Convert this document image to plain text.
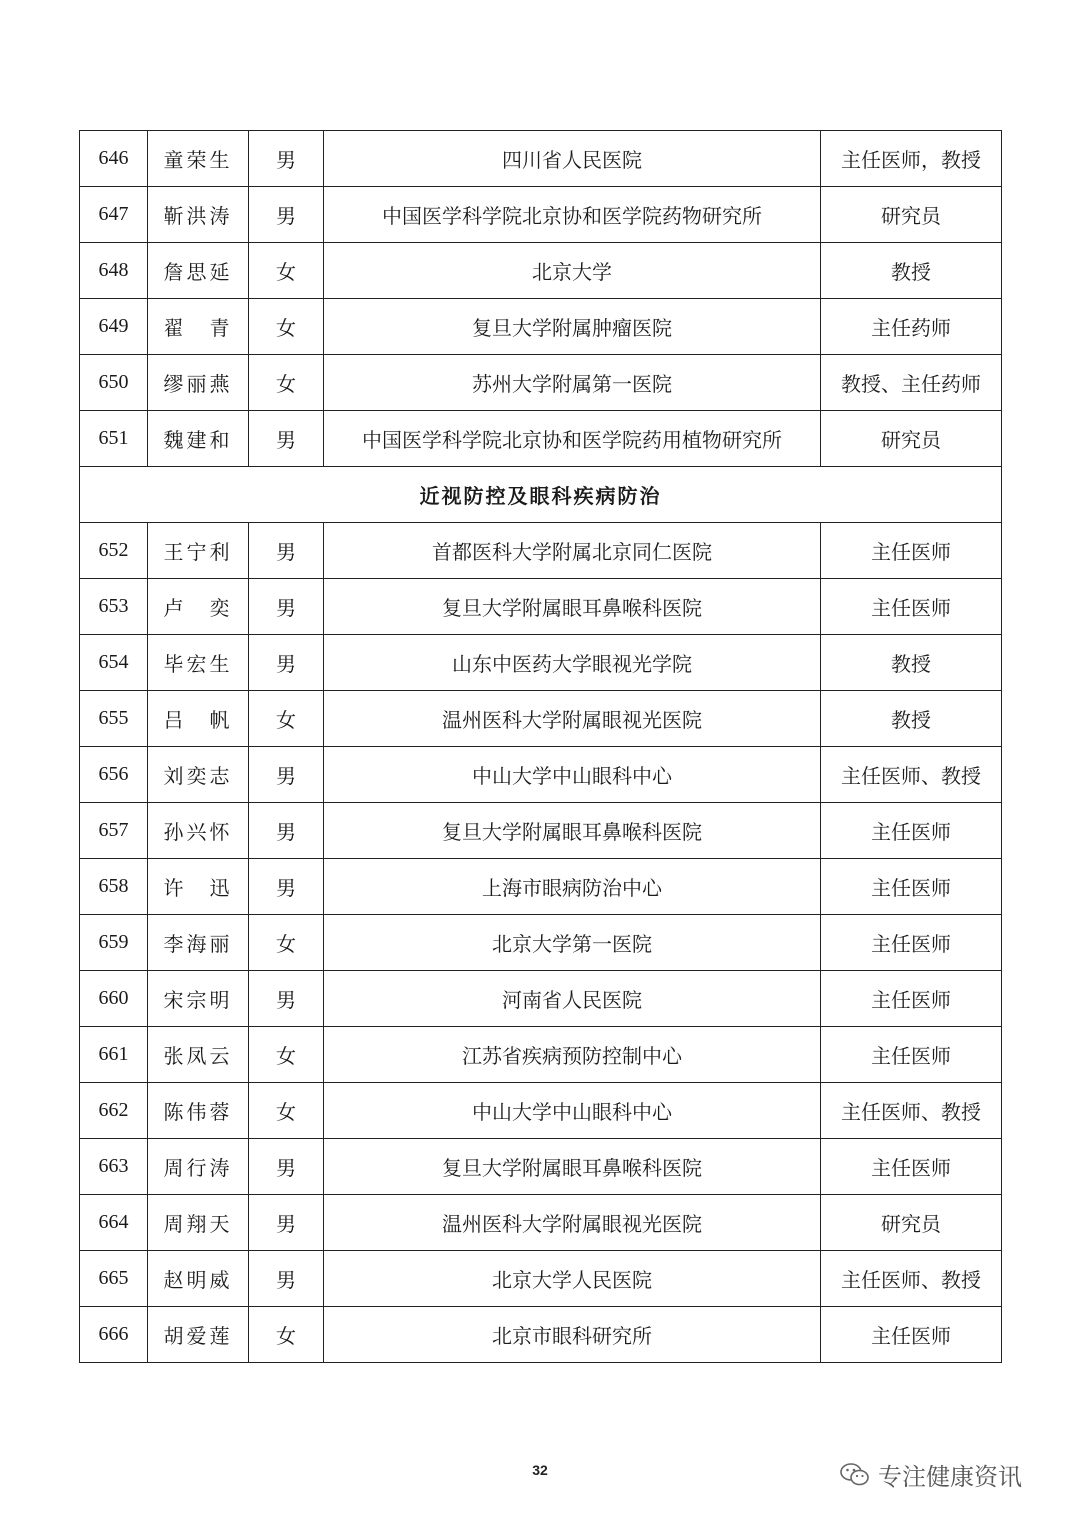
646	童荣生	男	四川省人民医院	主任医师，教授
647	靳洪涛	男	中国医学科学院北京协和医学院药物研究所	研究员
648	詹思延	女	北京大学	教授
649	翟　青	女	复旦大学附属肿瘤医院	主任药师
650	缪丽燕	女	苏州大学附属第一医院	教授、主任药师
651	魏建和	男	中国医学科学院北京协和医学院药用植物研究所	研究员
近视防控及眼科疾病防治				
652	王宁利	男	首都医科大学附属北京同仁医院	主任医师
653	卢　奕	男	复旦大学附属眼耳鼻喉科医院	主任医师
654	毕宏生	男	山东中医药大学眼视光学院	教授
655	吕　帆	女	温州医科大学附属眼视光医院	教授
656	刘奕志	男	中山大学中山眼科中心	主任医师、教授
657	孙兴怀	男	复旦大学附属眼耳鼻喉科医院	主任医师
658	许　迅	男	上海市眼病防治中心	主任医师
659	李海丽	女	北京大学第一医院	主任医师
660	宋宗明	男	河南省人民医院	主任医师
661	张凤云	女	江苏省疾病预防控制中心	主任医师
662	陈伟蓉	女	中山大学中山眼科中心	主任医师、教授
663	周行涛	男	复旦大学附属眼耳鼻喉科医院	主任医师
664	周翔天	男	温州医科大学附属眼视光医院	研究员
665	赵明威	男	北京大学人民医院	主任医师、教授
666	胡爱莲	女	北京市眼科研究所	主任医师
32	专注健康资讯
